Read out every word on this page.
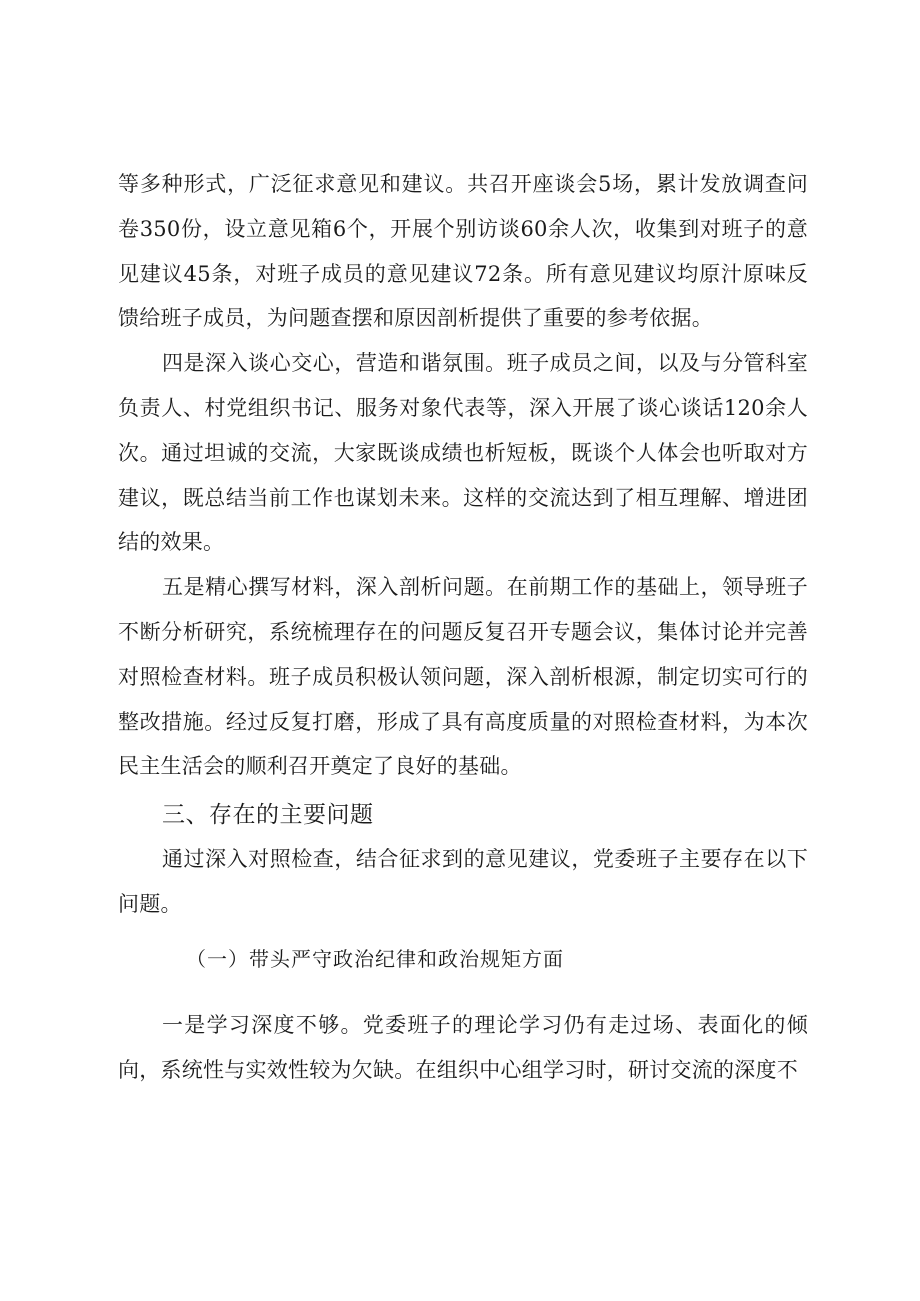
等多种形式，广泛征求意见和建议。共召开座谈会5场，累计发放调查问卷350份，设立意见箱6个，开展个别访谈60余人次，收集到对班子的意见建议45条，对班子成员的意见建议72条。所有意见建议均原汁原味反馈给班子成员，为问题查摆和原因剖析提供了重要的参考依据。

四是深入谈心交心，营造和谐氛围。班子成员之间，以及与分管科室负责人、村党组织书记、服务对象代表等，深入开展了谈心谈话120余人次。通过坦诚的交流，大家既谈成绩也析短板，既谈个人体会也听取对方建议，既总结当前工作也谋划未来。这样的交流达到了相互理解、增进团结的效果。

五是精心撰写材料，深入剖析问题。在前期工作的基础上，领导班子不断分析研究，系统梳理存在的问题反复召开专题会议，集体讨论并完善对照检查材料。班子成员积极认领问题，深入剖析根源，制定切实可行的整改措施。经过反复打磨，形成了具有高度质量的对照检查材料，为本次民主生活会的顺利召开奠定了良好的基础。

三、存在的主要问题

通过深入对照检查，结合征求到的意见建议，党委班子主要存在以下问题。

（一）带头严守政治纪律和政治规矩方面

一是学习深度不够。党委班子的理论学习仍有走过场、表面化的倾向，系统性与实效性较为欠缺。在组织中心组学习时，研讨交流的深度不
